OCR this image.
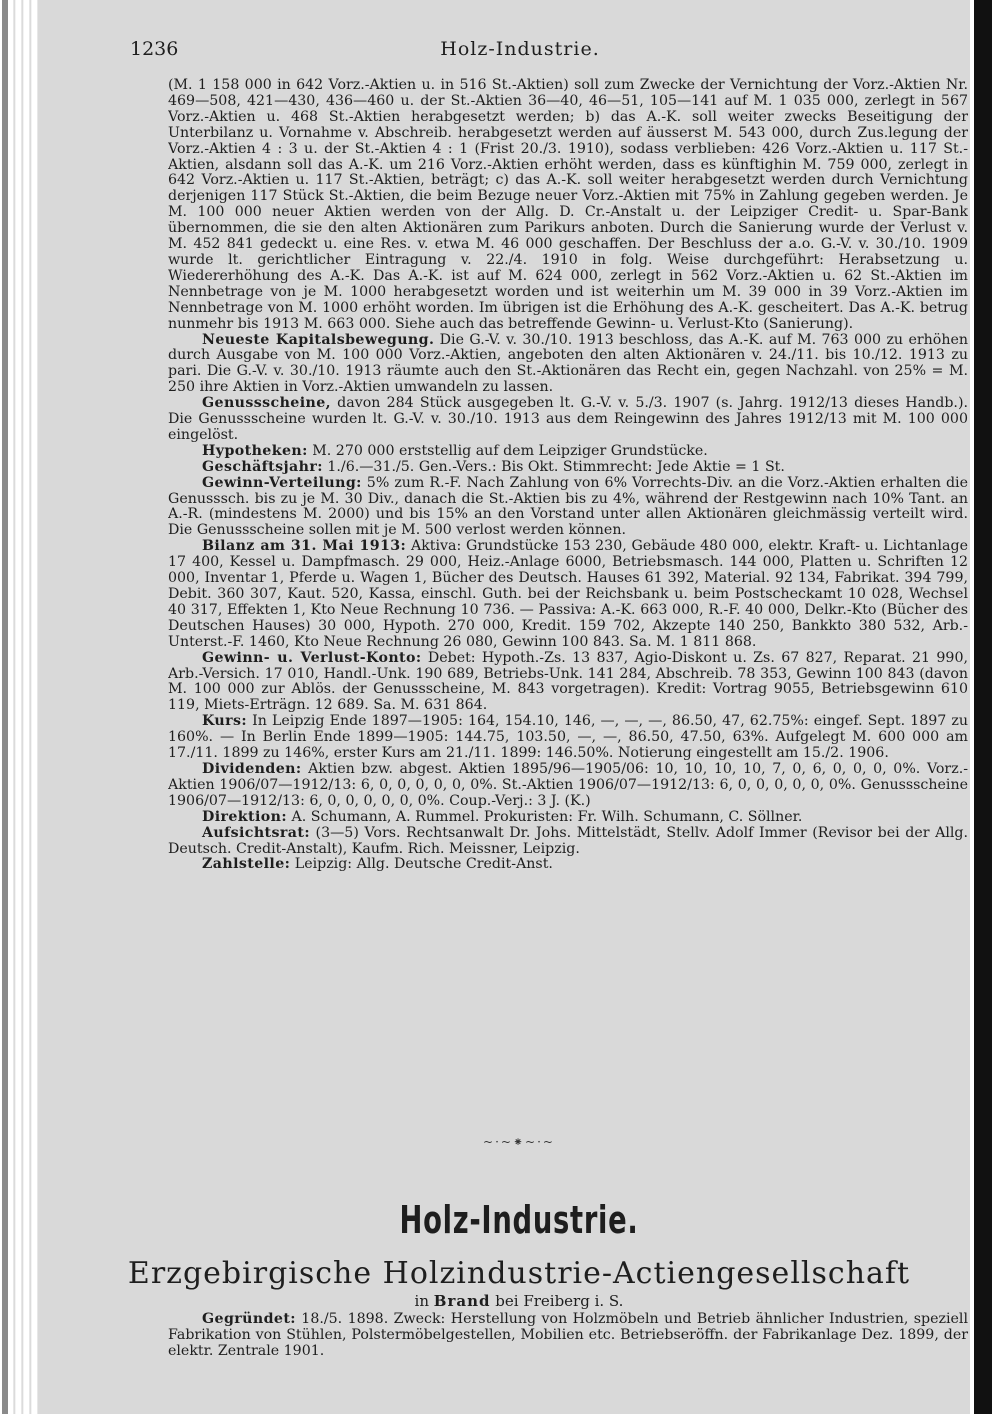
1236	Holz-Industrie.

(M. 1 158 000 in 642 Vorz.-Aktien u. in 516 St.-Aktien) soll zum Zwecke der Vernichtung der Vorz.-Aktien Nr. 469—508, 421—430, 436—460 u. der St.-Aktien 36—40, 46—51, 105—141 auf M. 1 035 000, zerlegt in 567 Vorz.-Aktien u. 468 St.-Aktien herabgesetzt werden; b) das A.-K. soll weiter zwecks Beseitigung der Unterbilanz u. Vornahme v. Abschreib. herabgesetzt werden auf äusserst M. 543 000, durch Zus.legung der Vorz.-Aktien 4 : 3 u. der St.-Aktien 4 : 1 (Frist 20./3. 1910), sodass verblieben: 426 Vorz.-Aktien u. 117 St.-Aktien, alsdann soll das A.-K. um 216 Vorz.-Aktien erhöht werden, dass es künftighin M. 759 000, zerlegt in 642 Vorz.-Aktien u. 117 St.-Aktien, beträgt; c) das A.-K. soll weiter herabgesetzt werden durch Vernichtung derjenigen 117 Stück St.-Aktien, die beim Bezuge neuer Vorz.-Aktien mit 75% in Zahlung gegeben werden. Je M. 100 000 neuer Aktien werden von der Allg. D. Cr.-Anstalt u. der Leipziger Credit- u. Spar-Bank übernommen, die sie den alten Aktionären zum Parikurs anboten. Durch die Sanierung wurde der Verlust v. M. 452 841 gedeckt u. eine Res. v. etwa M. 46 000 geschaffen. Der Beschluss der a.o. G.-V. v. 30./10. 1909 wurde lt. gerichtlicher Eintragung v. 22./4. 1910 in folg. Weise durchgeführt: Herabsetzung u. Wiedererhöhung des A.-K. Das A.-K. ist auf M. 624 000, zerlegt in 562 Vorz.-Aktien u. 62 St.-Aktien im Nennbetrage von je M. 1000 herabgesetzt worden und ist weiterhin um M. 39 000 in 39 Vorz.-Aktien im Nennbetrage von M. 1000 erhöht worden. Im übrigen ist die Erhöhung des A.-K. gescheitert. Das A.-K. betrug nunmehr bis 1913 M. 663 000. Siehe auch das betreffende Gewinn- u. Verlust-Kto (Sanierung).

Neueste Kapitalsbewegung. Die G.-V. v. 30./10. 1913 beschloss, das A.-K. auf M. 763 000 zu erhöhen durch Ausgabe von M. 100 000 Vorz.-Aktien, angeboten den alten Aktionären v. 24./11. bis 10./12. 1913 zu pari. Die G.-V. v. 30./10. 1913 räumte auch den St.-Aktionären das Recht ein, gegen Nachzahl. von 25% = M. 250 ihre Aktien in Vorz.-Aktien umwandeln zu lassen.

Genussscheine, davon 284 Stück ausgegeben lt. G.-V. v. 5./3. 1907 (s. Jahrg. 1912/13 dieses Handb.). Die Genussscheine wurden lt. G.-V. v. 30./10. 1913 aus dem Reingewinn des Jahres 1912/13 mit M. 100 000 eingelöst.

Hypotheken: M. 270 000 erststellig auf dem Leipziger Grundstücke.

Geschäftsjahr: 1./6.—31./5. Gen.-Vers.: Bis Okt. Stimmrecht: Jede Aktie = 1 St.

Gewinn-Verteilung: 5% zum R.-F. Nach Zahlung von 6% Vorrechts-Div. an die Vorz.-Aktien erhalten die Genusssch. bis zu je M. 30 Div., danach die St.-Aktien bis zu 4%, während der Restgewinn nach 10% Tant. an A.-R. (mindestens M. 2000) und bis 15% an den Vorstand unter allen Aktionären gleichmässig verteilt wird. Die Genussscheine sollen mit je M. 500 verlost werden können.

Bilanz am 31. Mai 1913: Aktiva: Grundstücke 153 230, Gebäude 480 000, elektr. Kraft- u. Lichtanlage 17 400, Kessel u. Dampfmasch. 29 000, Heiz.-Anlage 6000, Betriebsmasch. 144 000, Platten u. Schriften 12 000, Inventar 1, Pferde u. Wagen 1, Bücher des Deutsch. Hauses 61 392, Material. 92 134, Fabrikat. 394 799, Debit. 360 307, Kaut. 520, Kassa, einschl. Guth. bei der Reichsbank u. beim Postscheckamt 10 028, Wechsel 40 317, Effekten 1, Kto Neue Rechnung 10 736. — Passiva: A.-K. 663 000, R.-F. 40 000, Delkr.-Kto (Bücher des Deutschen Hauses) 30 000, Hypoth. 270 000, Kredit. 159 702, Akzepte 140 250, Bankkto 380 532, Arb.-Unterst.-F. 1460, Kto Neue Rechnung 26 080, Gewinn 100 843. Sa. M. 1 811 868.

Gewinn- u. Verlust-Konto: Debet: Hypoth.-Zs. 13 837, Agio-Diskont u. Zs. 67 827, Reparat. 21 990, Arb.-Versich. 17 010, Handl.-Unk. 190 689, Betriebs-Unk. 141 284, Abschreib. 78 353, Gewinn 100 843 (davon M. 100 000 zur Ablös. der Genussscheine, M. 843 vorgetragen). Kredit: Vortrag 9055, Betriebsgewinn 610 119, Miets-Erträgn. 12 689. Sa. M. 631 864.

Kurs: In Leipzig Ende 1897—1905: 164, 154.10, 146, —, —, —, 86.50, 47, 62.75%: eingef. Sept. 1897 zu 160%. — In Berlin Ende 1899—1905: 144.75, 103.50, —, —, 86.50, 47.50, 63%. Aufgelegt M. 600 000 am 17./11. 1899 zu 146%, erster Kurs am 21./11. 1899: 146.50%. Notierung eingestellt am 15./2. 1906.

Dividenden: Aktien bzw. abgest. Aktien 1895/96—1905/06: 10, 10, 10, 10, 7, 0, 6, 0, 0, 0, 0%. Vorz.-Aktien 1906/07—1912/13: 6, 0, 0, 0, 0, 0, 0%. St.-Aktien 1906/07—1912/13: 6, 0, 0, 0, 0, 0, 0%. Genussscheine 1906/07—1912/13: 6, 0, 0, 0, 0, 0, 0%. Coup.-Verj.: 3 J. (K.)

Direktion: A. Schumann, A. Rummel. Prokuristen: Fr. Wilh. Schumann, C. Söllner.

Aufsichtsrat: (3—5) Vors. Rechtsanwalt Dr. Johs. Mittelstädt, Stellv. Adolf Immer (Revisor bei der Allg. Deutsch. Credit-Anstalt), Kaufm. Rich. Meissner, Leipzig.

Zahlstelle: Leipzig: Allg. Deutsche Credit-Anst.

~·~⁕~·~
Holz-Industrie.
Erzgebirgische Holzindustrie-Actiengesellschaft
in Brand bei Freiberg i. S.

Gegründet: 18./5. 1898. Zweck: Herstellung von Holzmöbeln und Betrieb ähnlicher Industrien, speziell Fabrikation von Stühlen, Polstermöbelgestellen, Mobilien etc. Betriebseröffn. der Fabrikanlage Dez. 1899, der elektr. Zentrale 1901.
